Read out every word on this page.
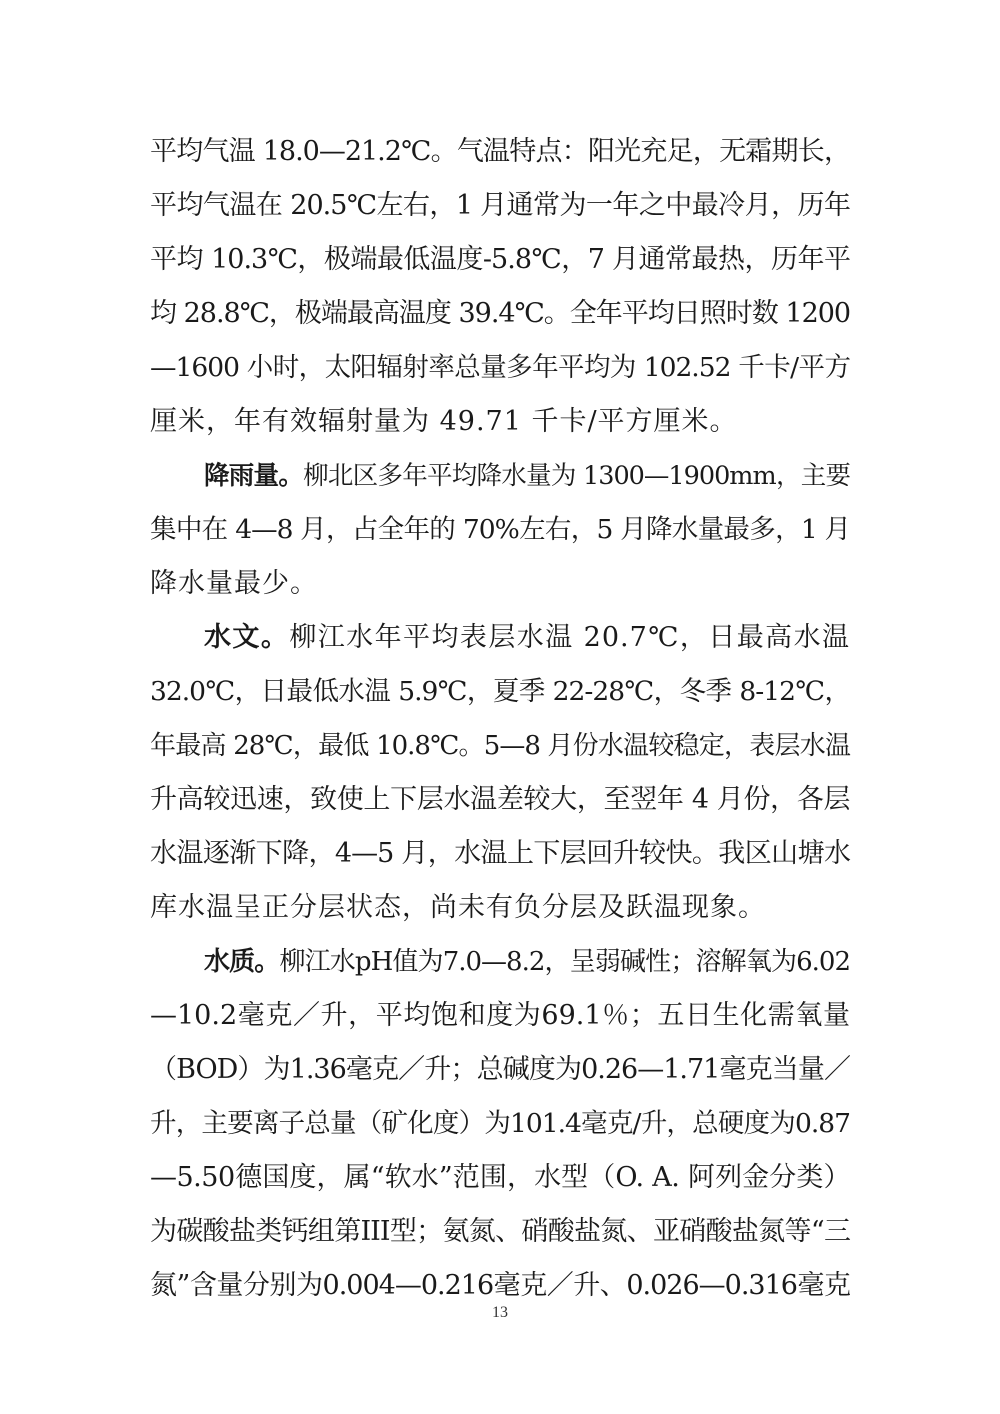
平均气温 18.0—21.2℃。气温特点：阳光充足，无霜期长，
平均气温在 20.5℃左右，1 月通常为一年之中最冷月，历年
平均 10.3℃，极端最低温度-5.8℃，7 月通常最热，历年平
均 28.8℃，极端最高温度 39.4℃。全年平均日照时数 1200
—1600 小时，太阳辐射率总量多年平均为 102.52 千卡/平方
厘米，年有效辐射量为 49.71 千卡/平方厘米。
降雨量。柳北区多年平均降水量为 1300—1900mm，主要
集中在 4—8 月，占全年的 70%左右，5 月降水量最多，1 月
降水量最少。
水文。柳江水年平均表层水温 20.7℃，日最高水温
32.0℃，日最低水温 5.9℃，夏季 22-28℃，冬季 8-12℃，
年最高 28℃，最低 10.8℃。5—8 月份水温较稳定，表层水温
升高较迅速，致使上下层水温差较大，至翌年 4 月份，各层
水温逐渐下降，4—5 月，水温上下层回升较快。我区山塘水
库水温呈正分层状态，尚未有负分层及跃温现象。
水质。柳江水pH值为7.0—8.2，呈弱碱性；溶解氧为6.02
—10.2毫克／升，平均饱和度为69.1％；五日生化需氧量
（BOD）为1.36毫克／升；总碱度为0.26—1.71毫克当量／
升，主要离子总量（矿化度）为101.4毫克/升，总硬度为0.87
—5.50德国度，属“软水”范围，水型（O. A. 阿列金分类）
为碳酸盐类钙组第III型；氨氮、硝酸盐氮、亚硝酸盐氮等“三
氮”含量分别为0.004—0.216毫克／升、0.026—0.316毫克
13
